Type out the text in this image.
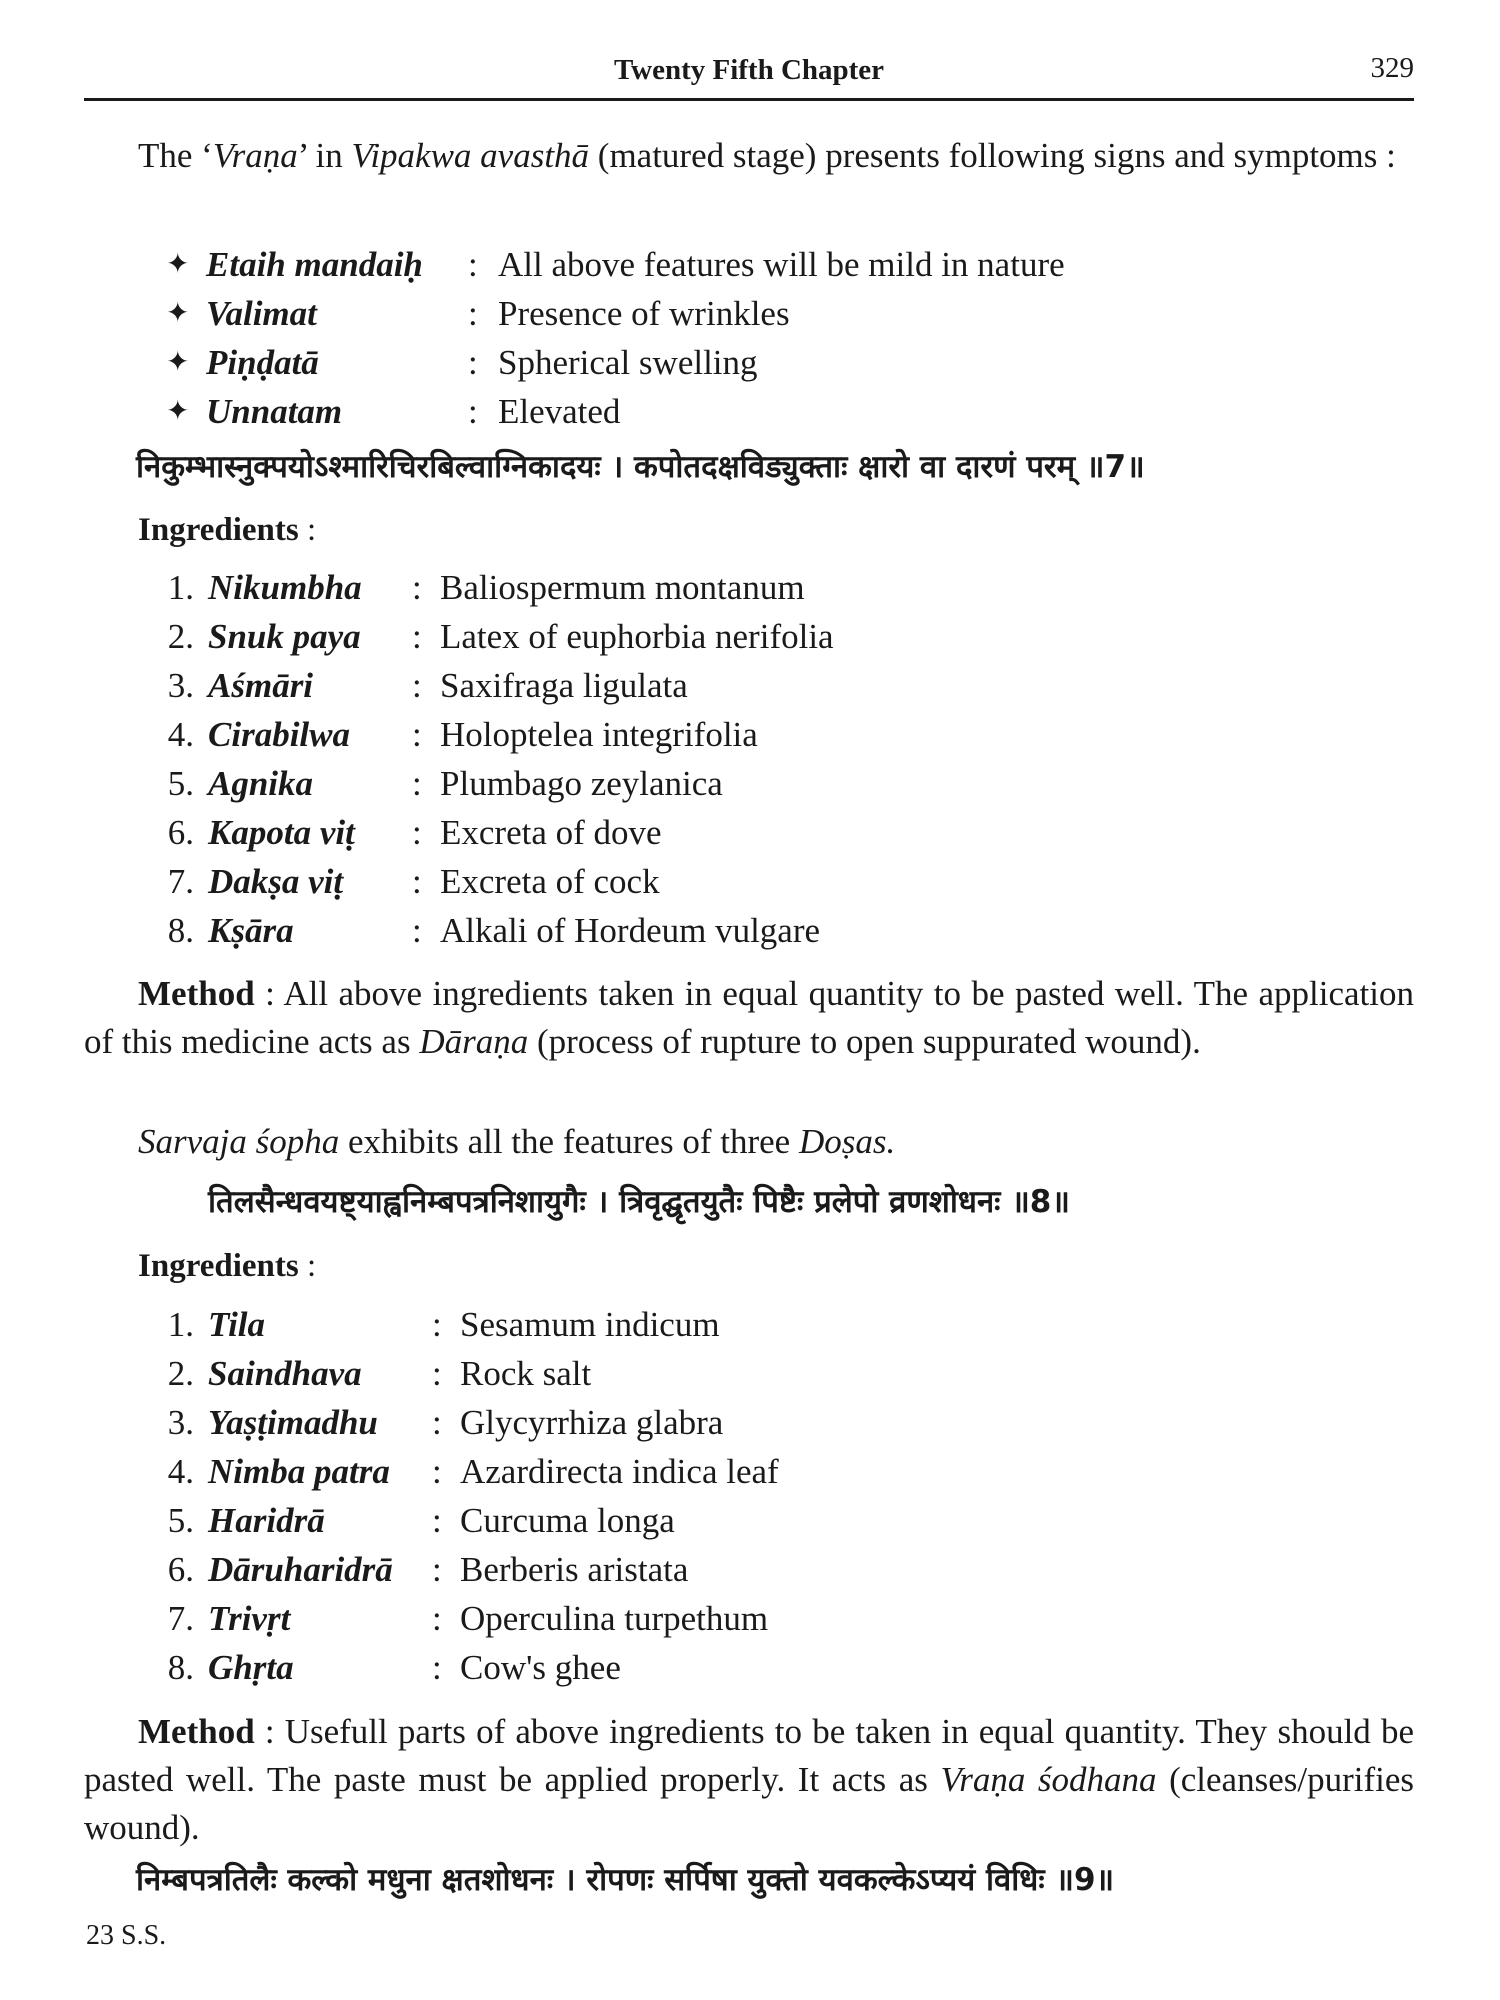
Twenty Fifth Chapter	329

The ‘Vraṇa’ in Vipakwa avasthā (matured stage) presents following signs and symptoms :

✦ Etaih mandaiḥ : All above features will be mild in nature
✦ Valimat	: Presence of wrinkles
✦ Piṇḍatā	: Spherical swelling
✦ Unnatam	: Elevated
निकुम्भास्नुक्पयोऽश्मारिचिरबिल्वाग्निकादयः । कपोतदक्षविड्युक्ताः क्षारो वा दारणं परम् ॥7॥
Ingredients :
1. Nikumbha : Baliospermum montanum
2. Snuk paya : Latex of euphorbia nerifolia
3. Aśmāri	: Saxifraga ligulata
4. Cirabilwa : Holoptelea integrifolia
5. Agnika	: Plumbago zeylanica
6. Kapota viṭ : Excreta of dove
7. Dakṣa viṭ : Excreta of cock
8. Kṣāra	: Alkali of Hordeum vulgare

Method : All above ingredients taken in equal quantity to be pasted well. The application of this medicine acts as Dāraṇa (process of rupture to open suppurated wound).

Sarvaja śopha exhibits all the features of three Doṣas.

तिलसैन्धवयष्ट्याह्वनिम्बपत्रनिशायुगैः । त्रिवृद्घृतयुतैः पिष्टैः प्रलेपो व्रणशोधनः ॥8॥
Ingredients :
1. Tila	: Sesamum indicum
2. Saindhava : Rock salt
3. Yaṣṭimadhu : Glycyrrhiza glabra
4. Nimba patra : Azardirecta indica leaf
5. Haridrā	: Curcuma longa
6. Dāruharidrā : Berberis aristata
7. Trivṛt	: Operculina turpethum
8. Ghṛta	: Cow's ghee

Method : Usefull parts of above ingredients to be taken in equal quantity. They should be pasted well. The paste must be applied properly. It acts as Vraṇa śodhana (cleanses/purifies wound).

निम्बपत्रतिलैः कल्को मधुना क्षतशोधनः । रोपणः सर्पिषा युक्तो यवकल्केऽप्ययं विधिः ॥9॥
23 S.S.
